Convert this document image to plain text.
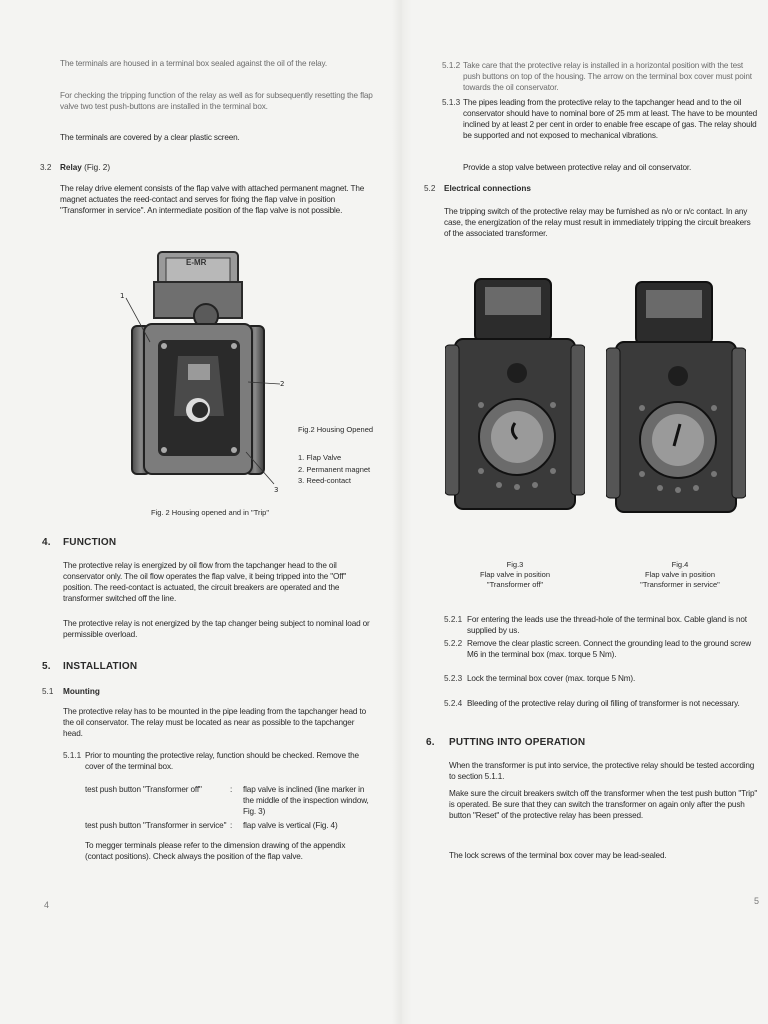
The terminals are housed in a terminal box sealed against the oil of the relay.
For checking the tripping function of the relay as well as for subsequently resetting the flap valve two test push-buttons are installed in the terminal box.
The terminals are covered by a clear plastic screen.
3.2 Relay (Fig. 2)
The relay drive element consists of the flap valve with attached permanent magnet. The magnet actuates the reed-contact and serves for fixing the flap valve in position "Transformer in service". An intermediate position of the flap valve is not possible.
1
2
3
E-MR
Fig.2 Housing Opened
1. Flap Valve
2. Permanent magnet
3. Reed-contact
Fig. 2 Housing opened and in "Trip"
4. FUNCTION
The protective relay is energized by oil flow from the tapchanger head to the oil conservator only. The oil flow operates the flap valve, it being tripped into the "Off" position. The reed-contact is actuated, the circuit breakers are operated and the transformer switched off the line.
The protective relay is not energized by the tap changer being subject to nominal load or permissible overload.
5. INSTALLATION
5.1 Mounting
The protective relay has to be mounted in the pipe leading from the tapchanger head to the oil conservator. The relay must be located as near as possible to the tapchanger head.
5.1.1 Prior to mounting the protective relay, function should be checked. Remove the cover of the terminal box.
test push button "Transformer off"	: flap valve is inclined (line marker in the middle of the inspection window, Fig. 3)
test push button "Transformer in service" : flap valve is vertical (Fig. 4)
To megger terminals please refer to the dimension drawing of the appendix (contact positions). Check always the position of the flap valve.
4
5.1.2 Take care that the protective relay is installed in a horizontal position with the test push buttons on top of the housing. The arrow on the terminal box cover must point towards the oil conservator.
5.1.3 The pipes leading from the protective relay to the tapchanger head and to the oil conservator should have to nominal bore of 25 mm at least. The have to be mounted inclined by at least 2 per cent in order to enable free escape of gas. The relay should be supported and not exposed to mechanical vibrations.
Provide a stop valve between protective relay and oil conservator.
5.2 Electrical connections
The tripping switch of the protective relay may be furnished as n/o or n/c contact. In any case, the energization of the relay must result in immediately tripping the circuit breakers of the associated transformer.
Fig.3
Flap valve in position
"Transformer off"
Fig.4
Flap valve in position
"Transformer in service"
5.2.1 For entering the leads use the thread-hole of the terminal box. Cable gland is not supplied by us.
5.2.2 Remove the clear plastic screen. Connect the grounding lead to the ground screw M6 in the terminal box (max. torque 5 Nm).
5.2.3 Lock the terminal box cover (max. torque 5 Nm).
5.2.4 Bleeding of the protective relay during oil filling of transformer is not necessary.
6. PUTTING INTO OPERATION
When the transformer is put into service, the protective relay should be tested according to section 5.1.1.
Make sure the circuit breakers switch off the transformer when the test push button "Trip" is operated. Be sure that they can switch the transformer on again only after the push button "Reset" of the protective relay has been pressed.
The lock screws of the terminal box cover may be lead-sealed.
5
